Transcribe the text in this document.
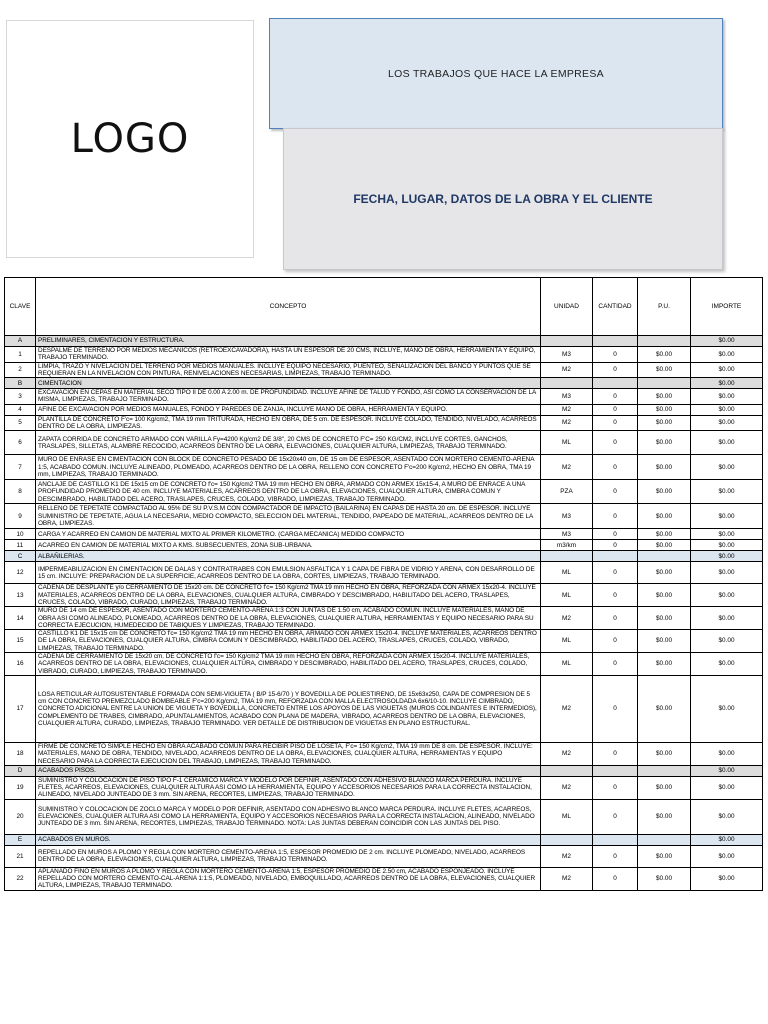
LOGO
LOS TRABAJOS QUE HACE LA EMPRESA
FECHA, LUGAR, DATOS DE LA OBRA Y EL CLIENTE
CLAVE	CONCEPTO	UNIDAD	CANTIDAD	P.U.	IMPORTE
A	PRELIMINARES, CIMENTACION Y ESTRUCTURA.				$0.00
1	DESPALME DE TERRENO POR MEDIOS MECANICOS (RETROEXCAVADORA), HASTA UN ESPESOR DE 20 CMS, INCLUYE, MANO DE OBRA, HERRAMIENTA Y EQUIPO, TRABAJO TERMINADO.	M3	0	$0.00	$0.00
2	LIMPIA, TRAZO Y NIVELACION DEL TERRENO POR MEDIOS MANUALES. INCLUYE EQUIPO NECESARIO, PUENTEO, SEÑALIZACION DEL BANCO Y PUNTOS QUE SE REQUIERAN EN LA NIVELACION CON PINTURA, RENIVELACIONES NECESARIAS, LIMPIEZAS, TRABAJO TERMINADO.	M2	0	$0.00	$0.00
B	CIMENTACION				$0.00
3	EXCAVACION EN CEPAS EN MATERIAL SECO TIPO II DE 0.00 A 2.00 m. DE PROFUNDIDAD. INCLUYE AFINE DE TALUD Y FONDO, ASI COMO LA CONSERVACION DE LA MISMA, LIMPIEZAS, TRABAJO TERMINADO.	M3	0	$0.00	$0.00
4	AFINE DE EXCAVACION POR MEDIOS MANUALES, FONDO Y PAREDES DE ZANJA, INCLUYE MANO DE OBRA, HERRAMIENTA Y EQUIPO.	M2	0	$0.00	$0.00
5	PLANTILLA DE CONCRETO F'c= 100 Kg/cm2, TMA 19 mm TRITURADA, HECHO EN OBRA, DE 5 cm. DE ESPESOR. INCLUYE COLADO, TENDIDO, NIVELADO, ACARREOS DENTRO DE LA OBRA, LIMPIEZAS.	M2	0	$0.00	$0.00
6	ZAPATA CORRIDA DE CONCRETO ARMADO CON VARILLA Fy=4200 Kg/cm2 DE 3/8", 20 CMS DE CONCRETO F'C= 250 KG/CM2, INCLUYE CORTES, GANCHOS, TRASLAPES, SILLETAS, ALAMBRE RECOCIDO, ACARREOS DENTRO DE LA OBRA, ELEVACIONES, CUALQUIER ALTURA, LIMPIEZAS, TRABAJO TERMINADO.	ML	0	$0.00	$0.00
7	MURO DE ENRASE EN CIMENTACION CON BLOCK DE CONCRETO PESADO DE 15x20x40 cm, DE 15 cm DE ESPESOR, ASENTADO CON MORTERO CEMENTO-ARENA 1:5, ACABADO COMUN. INCLUYE ALINEADO, PLOMEADO, ACARREOS DENTRO DE LA OBRA, RELLENO CON CONCRETO F'c=200 Kg/cm2, HECHO EN OBRA, TMA 19 mm, LIMPIEZAS, TRABAJO TERMINADO.	M2	0	$0.00	$0.00
8	ANCLAJE DE CASTILLO K1 DE 15x15 cm DE CONCRETO f'c= 150 Kg/cm2 TMA 19 mm HECHO EN OBRA, ARMADO CON ARMEX 15x15-4, A MURO DE ENRACE A UNA PROFUNDIDAD PROMEDIO DE 40 cm. INCLUYE MATERIALES, ACARREOS DENTRO DE LA OBRA, ELEVACIONES, CUALQUIER ALTURA, CIMBRA COMUN Y DESCIMBRADO, HABILITADO DEL ACERO, TRASLAPES, CRUCES, COLADO, VIBRADO, LIMPIEZAS, TRABAJO TERMINADO.	PZA	0	$0.00	$0.00
9	RELLENO DE TEPETATE COMPACTADO AL 95% DE SU P.V.S.M CON COMPACTADOR DE IMPACTO (BAILARINA) EN CAPAS DE HASTA 20 cm. DE ESPESOR. INCLUYE SUMINISTRO DE TEPETATE, AGUA LA NECESARIA, MEDIO COMPACTO, SELECCION DEL MATERIAL, TENDIDO, PAPEADO DE MATERIAL, ACARREOS DENTRO DE LA OBRA, LIMPIEZAS.	M3	0	$0.00	$0.00
10	CARGA Y ACARREO EN CAMION DE MATERIAL MIXTO AL PRIMER KILOMETRO. (CARGA MECANICA) MEDIDO COMPACTO	M3	0	$0.00	$0.00
11	ACARREO EN CAMION DE MATERIAL MIXTO A KMS. SUBSECUENTES, ZONA SUB-URBANA.	m3/km	0	$0.00	$0.00
C	ALBAÑILERIAS.				$0.00
12	IMPERMEABILIZACION EN CIMENTACION DE DALAS Y CONTRATRABES CON EMULSION ASFALTICA Y 1 CAPA DE FIBRA DE VIDRIO Y ARENA, CON DESARROLLO DE 15 cm. INCLUYE: PREPARACION DE LA SUPERFICIE, ACARREOS DENTRO DE LA OBRA, CORTES, LIMPIEZAS, TRABAJO TERMINADO.	ML	0	$0.00	$0.00
13	CADENA DE DESPLANTE y/o CERRAMIENTO DE 15x20 cm. DE CONCRETO f'c= 150 Kg/cm2 TMA 19 mm HECHO EN OBRA, REFORZADA CON ARMEX 15x20-4. INCLUYE MATERIALES, ACARREOS DENTRO DE LA OBRA, ELEVACIONES, CUALQUIER ALTURA, CIMBRADO Y DESCIMBRADO, HABILITADO DEL ACERO, TRASLAPES, CRUCES, COLADO, VIBRADO, CURADO, LIMPIEZAS, TRABAJO TERMINADO.	ML	0	$0.00	$0.00
14	MURO DE 14 cm DE ESPESOR, ASENTADO CON MORTERO CEMENTO-ARENA 1:3 CON JUNTAS DE 1.50 cm, ACABADO COMUN. INCLUYE MATERIALES, MANO DE OBRA ASI COMO ALINEADO, PLOMEADO, ACARREOS DENTRO DE LA OBRA, ELEVACIONES, CUALQUIER ALTURA, HERRAMIENTAS Y EQUIPO NECESARIO PARA SU CORRECTA EJECUCION, HUMEDECIDO DE TABIQUES Y LIMPIEZAS, TRABAJO TERMINADO.	M2	0	$0.00	$0.00
15	CASTILLO K1 DE 15x15 cm DE CONCRETO f'c= 150 Kg/cm2 TMA 19 mm HECHO EN OBRA, ARMADO CON ARMEX 15x20-4. INCLUYE MATERIALES, ACARREOS DENTRO DE LA OBRA, ELEVACIONES, CUALQUIER ALTURA, CIMBRA COMUN Y DESCIMBRADO, HABILITADO DEL ACERO, TRASLAPES, CRUCES, COLADO, VIBRADO, LIMPIEZAS, TRABAJO TERMINADO.	ML	0	$0.00	$0.00
16	CADENA DE CERRAMIENTO DE 15x20 cm. DE CONCRETO f'c= 150 Kg/cm2 TMA 19 mm HECHO EN OBRA, REFORZADA CON ARMEX 15x20-4. INCLUYE MATERIALES, ACARREOS DENTRO DE LA OBRA, ELEVACIONES, CUALQUIER ALTURA, CIMBRADO Y DESCIMBRADO, HABILITADO DEL ACERO, TRASLAPES, CRUCES, COLADO, VIBRADO, CURADO, LIMPIEZAS, TRABAJO TERMINADO.	ML	0	$0.00	$0.00
17	LOSA RETICULAR AUTOSUSTENTABLE FORMADA CON SEMI-VIGUETA ( B/P 15-6/70 ) Y BOVEDILLA DE POLIESTIRENO, DE 15x63x250, CAPA DE COMPRESION DE 5 cm CON CONCRETO PREMEZCLADO BOMBEABLE F'c=200 Kg/cm2, TMA 19 mm, REFORZADA CON MALLA ELECTROSOLDADA 6x6/10-10. INCLUYE CIMBRADO, CONCRETO ADICIONAL ENTRE LA UNION DE VIGUETA Y BOVEDILLA, CONCRETO ENTRE LOS APOYOS DE LAS VIGUETAS (MUROS COLINDANTES E INTERMEDIOS), COMPLEMENTO DE TRABES, CIMBRADO, APUNTALAMIENTOS, ACABADO CON PLANA DE MADERA, VIBRADO, ACARREOS DENTRO DE LA OBRA, ELEVACIONES, CUALQUIER ALTURA, CURADO, LIMPIEZAS, TRABAJO TERMINADO. VER DETALLE DE DISTRIBUCION DE VIGUETAS EN PLANO ESTRUCTURAL.	M2	0	$0.00	$0.00
18	FIRME DE CONCRETO SIMPLE HECHO EN OBRA ACABADO COMUN PARA RECIBIR PISO DE LOSETA, F'c= 150 Kg/cm2, TMA 19 mm DE 8 cm. DE ESPESOR. INCLUYE: MATERIALES, MANO DE OBRA, TENDIDO, NIVELADO, ACARREOS DENTRO DE LA OBRA, ELEVACIONES, CUALQUIER ALTURA, HERRAMIENTAS Y EQUIPO NECESARIO PARA LA CORRECTA EJECUCION DEL TRABAJO, LIMPIEZAS, TRABAJO TERMINADO.	M2	0	$0.00	$0.00
D	ACABADOS PISOS.				$0.00
19	SUMINISTRO Y COLOCACION DE PISO TIPO F-1 CERAMICO MARCA Y MODELO POR DEFINIR, ASENTADO CON ADHESIVO BLANCO MARCA PERDURA. INCLUYE FLETES, ACARREOS, ELEVACIONES, CUALQUIER ALTURA ASI COMO LA HERRAMIENTA, EQUIPO Y ACCESORIOS NECESARIOS PARA LA CORRECTA INSTALACION, ALINEADO, NIVELADO JUNTEADO DE 3 mm. SIN ARENA, RECORTES, LIMPIEZAS, TRABAJO TERMINADO.	M2	0	$0.00	$0.00
20	SUMINISTRO Y COLOCACION DE ZOCLO MARCA Y MODELO POR DEFINIR, ASENTADO CON ADHESIVO BLANCO MARCA PERDURA. INCLUYE FLETES, ACARREOS, ELEVACIONES, CUALQUIER ALTURA ASI COMO LA HERRAMIENTA, EQUIPO Y ACCESORIOS NECESARIOS PARA LA CORRECTA INSTALACION, ALINEADO, NIVELADO JUNTEADO DE 3 mm. SIN ARENA, RECORTES, LIMPIEZAS, TRABAJO TERMINADO. NOTA: LAS JUNTAS DEBERAN COINCIDIR CON LAS JUNTAS DEL PISO.	ML	0	$0.00	$0.00
E	ACABADOS EN MUROS.				$0.00
21	REPELLADO EN MUROS A PLOMO Y REGLA CON MORTERO CEMENTO-ARENA 1:5, ESPESOR PROMEDIO DE 2 cm. INCLUYE PLOMEADO, NIVELADO, ACARREOS DENTRO DE LA OBRA, ELEVACIONES, CUALQUIER ALTURA, LIMPIEZAS, TRABAJO TERMINADO.	M2	0	$0.00	$0.00
22	APLANADO FINO EN MUROS A PLOMO Y REGLA CON MORTERO CEMENTO-ARENA 1:5, ESPESOR PROMEDIO DE 2.50 cm, ACABADO ESPONJEADO. INCLUYE REPELLADO CON MORTERO CEMENTO-CAL-ARENA 1:1:5, PLOMEADO, NIVELADO, EMBOQUILLADO, ACARREOS DENTRO DE LA OBRA, ELEVACIONES, CUALQUIER ALTURA, LIMPIEZAS, TRABAJO TERMINADO.	M2	0	$0.00	$0.00
